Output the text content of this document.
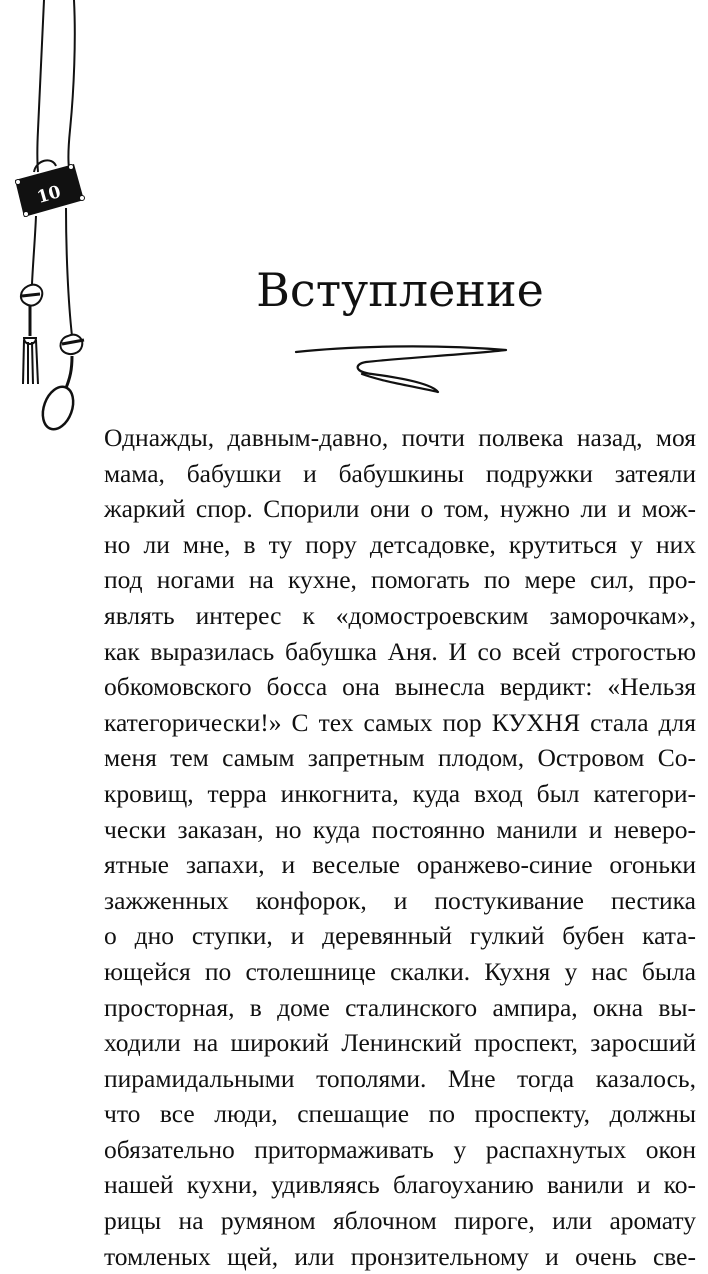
10
Вступление
Однажды, давным-давно, почти полвека назад, моя
мама, бабушки и бабушкины подружки затеяли
жаркий спор. Спорили они о том, нужно ли и мож-
но ли мне, в ту пору детсадовке, крутиться у них
под ногами на кухне, помогать по мере сил, про-
являть интерес к «домостроевским заморочкам»,
как выразилась бабушка Аня. И со всей строгостью
обкомовского босса она вынесла вердикт: «Нельзя
категорически!» С тех самых пор КУХНЯ стала для
меня тем самым запретным плодом, Островом Со-
кровищ, терра инкогнита, куда вход был категори-
чески заказан, но куда постоянно манили и неверо-
ятные запахи, и веселые оранжево-синие огоньки
зажженных конфорок, и постукивание пестика
о дно ступки, и деревянный гулкий бубен ката-
ющейся по столешнице скалки. Кухня у нас была
просторная, в доме сталинского ампира, окна вы-
ходили на широкий Ленинский проспект, заросший
пирамидальными тополями. Мне тогда казалось,
что все люди, спешащие по проспекту, должны
обязательно притормаживать у распахнутых окон
нашей кухни, удивляясь благоуханию ванили и ко-
рицы на румяном яблочном пироге, или аромату
томленых щей, или пронзительному и очень све-
